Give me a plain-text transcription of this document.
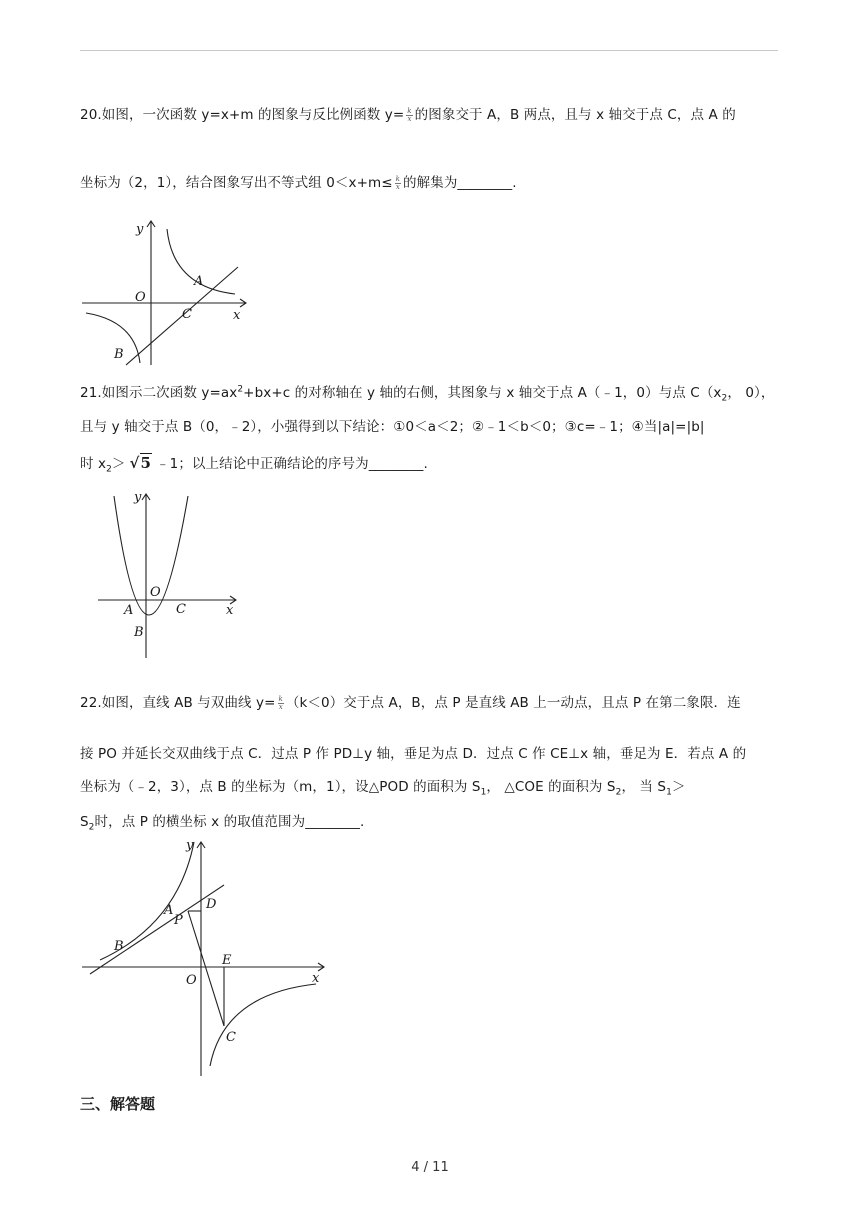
20.如图，一次函数 y=x+m 的图象与反比例函数 $y= \frac{k}{x}$ 的图象交于 A，B 两点，且与 x 轴交于点 C，点 A 的
坐标为（2，1），结合图象写出不等式组 $0<x+m\le \frac{k}{x}$ 的解集为________.
y
O
A
C	x
B
21.如图示二次函数 $y=ax^2+bx+c$ 的对称轴在 y 轴的右侧，其图象与 x 轴交于点 A（﹣1，0）与点 $C(x_2$， 0），
且与 y 轴交于点 B（0，﹣2），小强得到以下结论：①0＜a＜2；②﹣1＜b＜0；③c=﹣1；④当|a|=|b|
时 $x_2> √5$ ﹣1；以上结论中正确结论的序号为________.
y
O
A	C	x
B
22.如图，直线 AB 与双曲线 $y= \frac{k}{x} (k<0)$交于点 A，B，点 P 是直线 AB 上一动点，且点 P 在第二象限．连
接 PO 并延长交双曲线于点 C．过点 P 作 PD⊥y 轴，垂足为点 D．过点 C 作 CE⊥x 轴，垂足为 E．若点 A 的
坐标为（﹣2，3），点 B 的坐标为（m，1），设△POD 的面积为 $S_1$， △COE 的面积为 $S_2$， 当 $S_1>$
$S_2$时，点 P 的横坐标 x 的取值范围为________.
y
D
A
P
B
O
E
x
C
三、解答题
4 / 11
